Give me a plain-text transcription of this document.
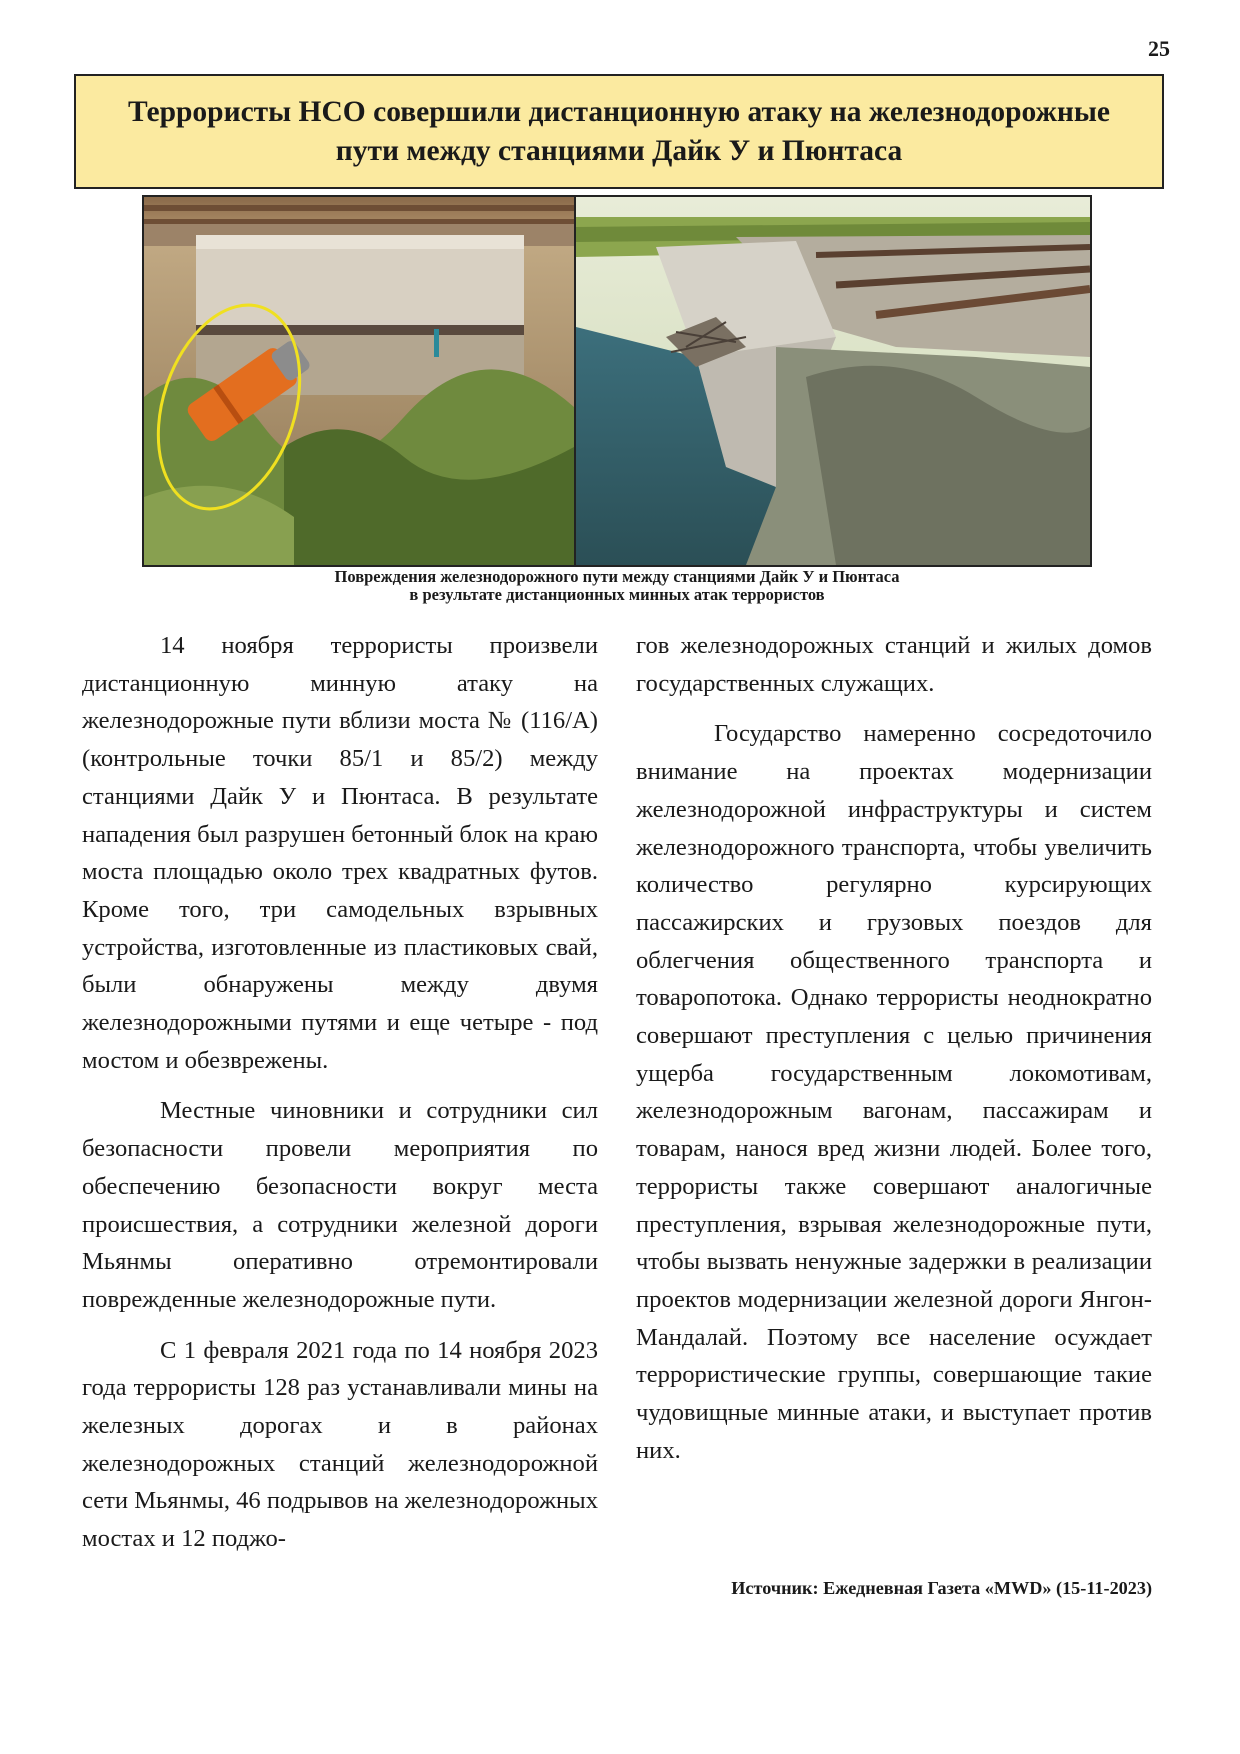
25
Террористы НСО совершили дистанционную атаку на железнодорожные
пути между станциями Дайк У и Пюнтаса
Повреждения железнодорожного пути между станциями Дайк У и Пюнтаса
в результате дистанционных минных атак террористов

14 ноября террористы произвели дистанционную минную атаку на железнодорожные пути вблизи моста № (116/А) (контрольные точки 85/1 и 85/2) между станциями Дайк У и Пюнтаса. В результате нападения был разрушен бетонный блок на краю моста площадью около трех квадратных футов. Кроме того, три самодельных взрывных устройства, изготовленные из пластиковых свай, были обнаружены между двумя железнодорожными путями и еще четыре - под мостом и обезврежены.

Местные чиновники и сотрудники сил безопасности провели мероприятия по обеспечению безопасности вокруг места происшествия, а сотрудники железной дороги Мьянмы оперативно отремонтировали поврежденные железнодорожные пути.

С 1 февраля 2021 года по 14 ноября 2023 года террористы 128 раз устанавливали мины на железных дорогах и в районах железнодорожных станций железнодорожной сети Мьянмы, 46 подрывов на железнодорожных мостах и 12 поджо-

гов железнодорожных станций и жилых домов государственных служащих.

Государство намеренно сосредоточило внимание на проектах модернизации железнодорожной инфраструктуры и систем железнодорожного транспорта, чтобы увеличить количество регулярно курсирующих пассажирских и грузовых поездов для облегчения общественного транспорта и товаропотока. Однако террористы неоднократно совершают преступления с целью причинения ущерба государственным локомотивам, железнодорожным вагонам, пассажирам и товарам, нанося вред жизни людей. Более того, террористы также совершают аналогичные преступления, взрывая железнодорожные пути, чтобы вызвать ненужные задержки в реализации проектов модернизации железной дороги Янгон-Мандалай. Поэтому все население осуждает террористические группы, совершающие такие чудовищные минные атаки, и выступает против них.

Источник: Ежедневная Газета «MWD» (15-11-2023)
